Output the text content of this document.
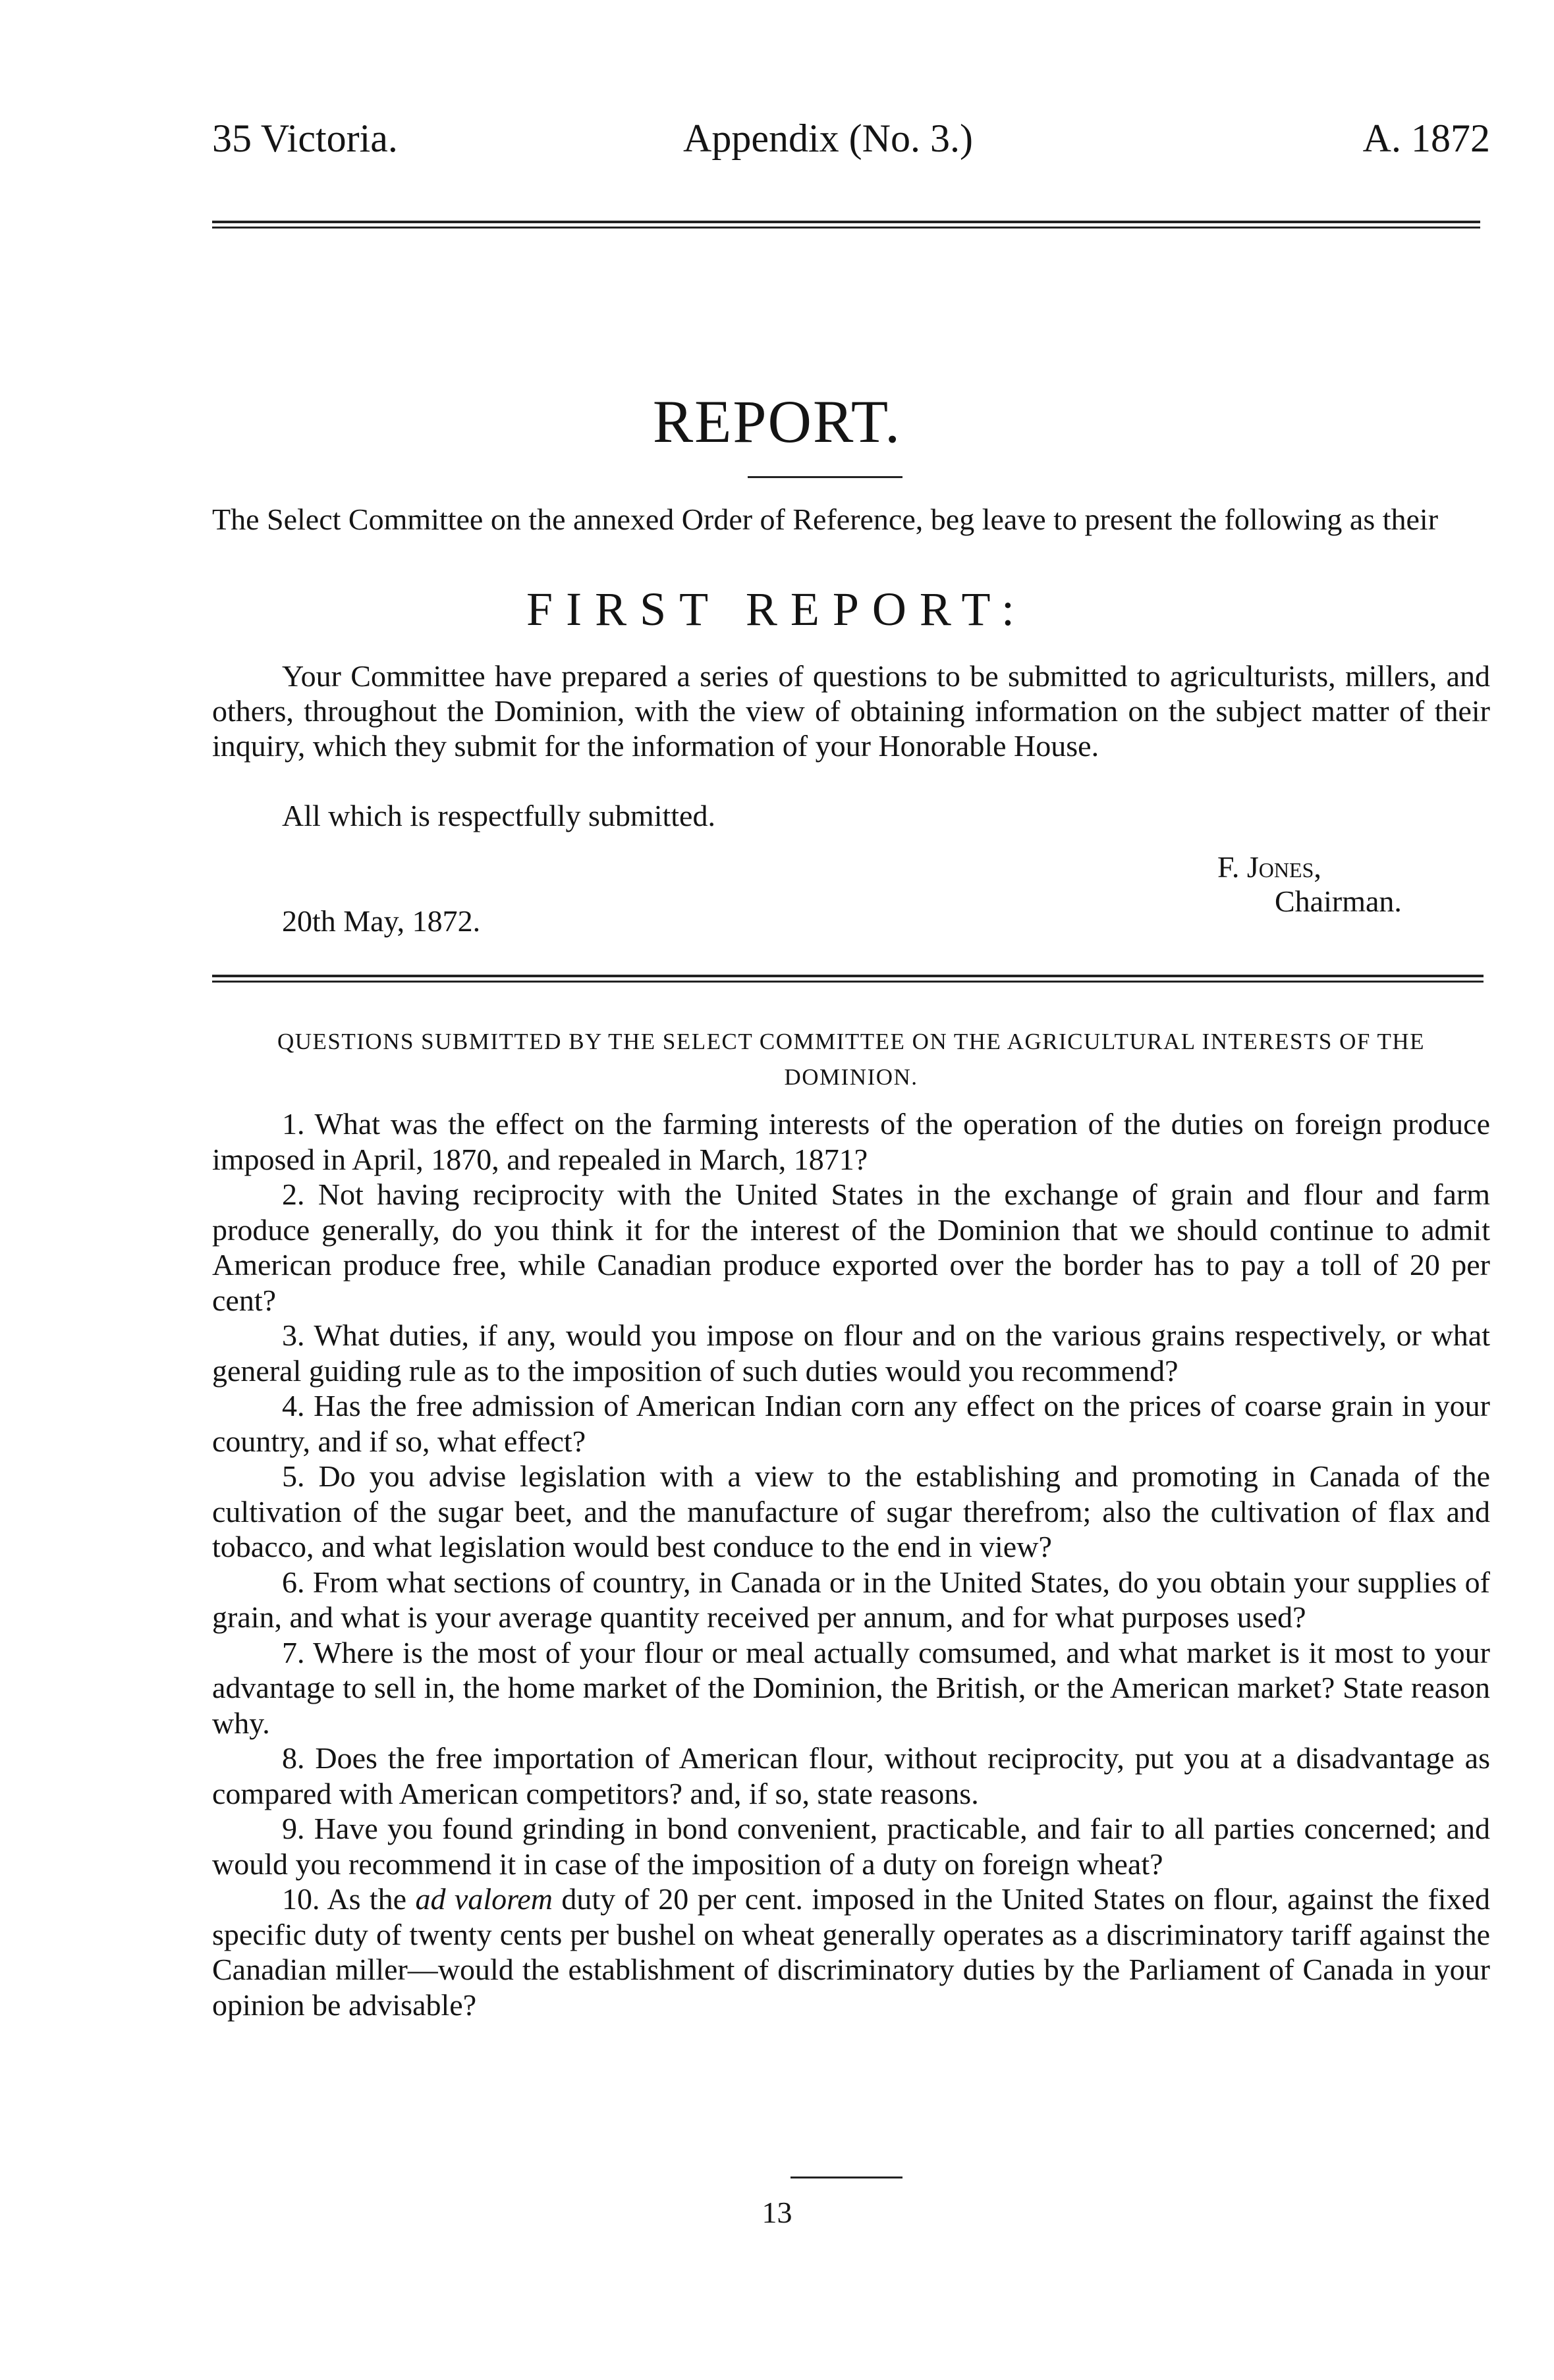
35 Victoria.	Appendix (No. 3.)	A. 1872
REPORT.
The Select Committee on the annexed Order of Reference, beg leave to present the following as their
FIRST REPORT:
Your Committee have prepared a series of questions to be submitted to agriculturists, millers, and others, throughout the Dominion, with the view of obtaining information on the subject matter of their inquiry, which they submit for the information of your Honorable House.
All which is respectfully submitted.
F. Jones,
Chairman.
20th May, 1872.
QUESTIONS SUBMITTED BY THE SELECT COMMITTEE ON THE AGRICULTURAL INTERESTS OF THE DOMINION.

1. What was the effect on the farming interests of the operation of the duties on foreign produce imposed in April, 1870, and repealed in March, 1871?

2. Not having reciprocity with the United States in the exchange of grain and flour and farm produce generally, do you think it for the interest of the Dominion that we should continue to admit American produce free, while Canadian produce exported over the border has to pay a toll of 20 per cent?

3. What duties, if any, would you impose on flour and on the various grains respectively, or what general guiding rule as to the imposition of such duties would you recommend?

4. Has the free admission of American Indian corn any effect on the prices of coarse grain in your country, and if so, what effect?

5. Do you advise legislation with a view to the establishing and promoting in Canada of the cultivation of the sugar beet, and the manufacture of sugar therefrom; also the cultivation of flax and tobacco, and what legislation would best conduce to the end in view?

6. From what sections of country, in Canada or in the United States, do you obtain your supplies of grain, and what is your average quantity received per annum, and for what purposes used?

7. Where is the most of your flour or meal actually comsumed, and what market is it most to your advantage to sell in, the home market of the Dominion, the British, or the American market? State reason why.

8. Does the free importation of American flour, without reciprocity, put you at a disadvantage as compared with American competitors? and, if so, state reasons.

9. Have you found grinding in bond convenient, practicable, and fair to all parties concerned; and would you recommend it in case of the imposition of a duty on foreign wheat?

10. As the ad valorem duty of 20 per cent. imposed in the United States on flour, against the fixed specific duty of twenty cents per bushel on wheat generally operates as a discriminatory tariff against the Canadian miller—would the establishment of discriminatory duties by the Parliament of Canada in your opinion be advisable?

13
